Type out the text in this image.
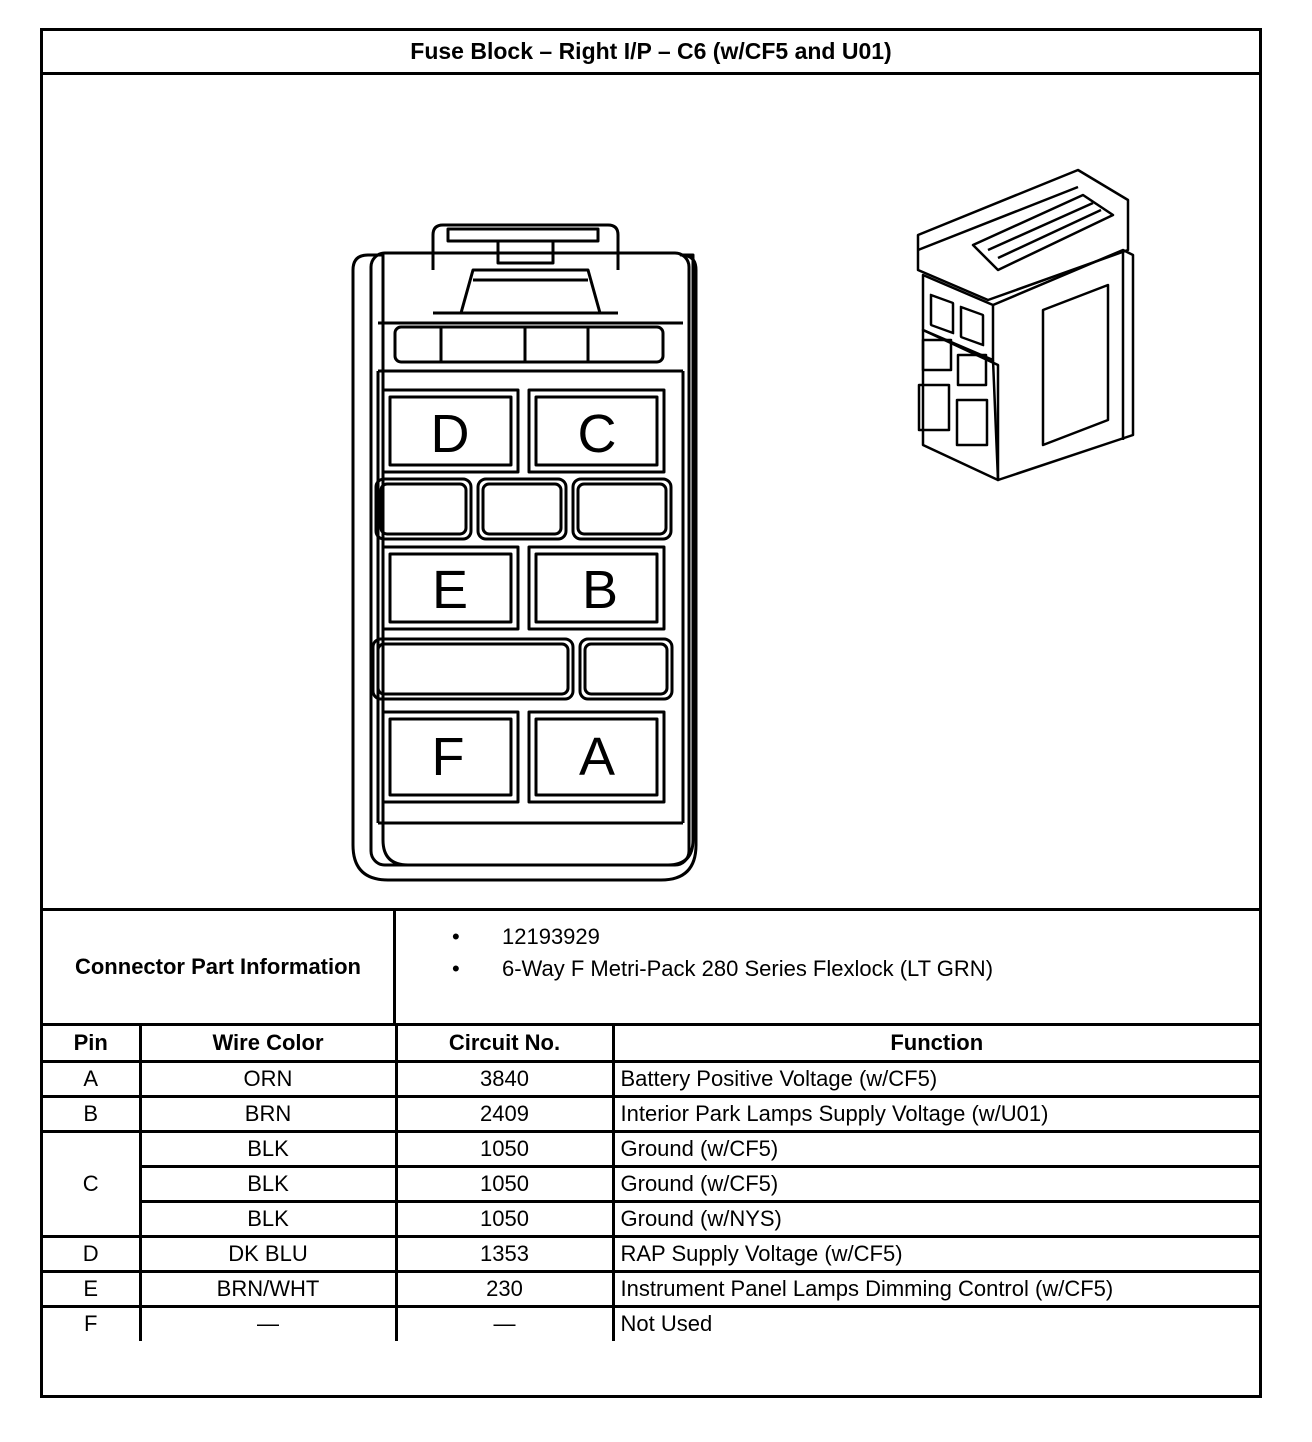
Fuse Block – Right I/P – C6 (w/CF5 and U01)
D C
E B
F A
Connector Part Information
• 12193929
• 6-Way F Metri-Pack 280 Series Flexlock (LT GRN)
Pin	Wire Color	Circuit No.	Function
A	ORN	3840	Battery Positive Voltage (w/CF5)
B	BRN	2409	Interior Park Lamps Supply Voltage (w/U01)
C	BLK	1050	Ground (w/CF5)
	BLK	1050	Ground (w/CF5)
	BLK	1050	Ground (w/NYS)
D	DK BLU	1353	RAP Supply Voltage (w/CF5)
E	BRN/WHT	230	Instrument Panel Lamps Dimming Control (w/CF5)
F	—	—	Not Used
